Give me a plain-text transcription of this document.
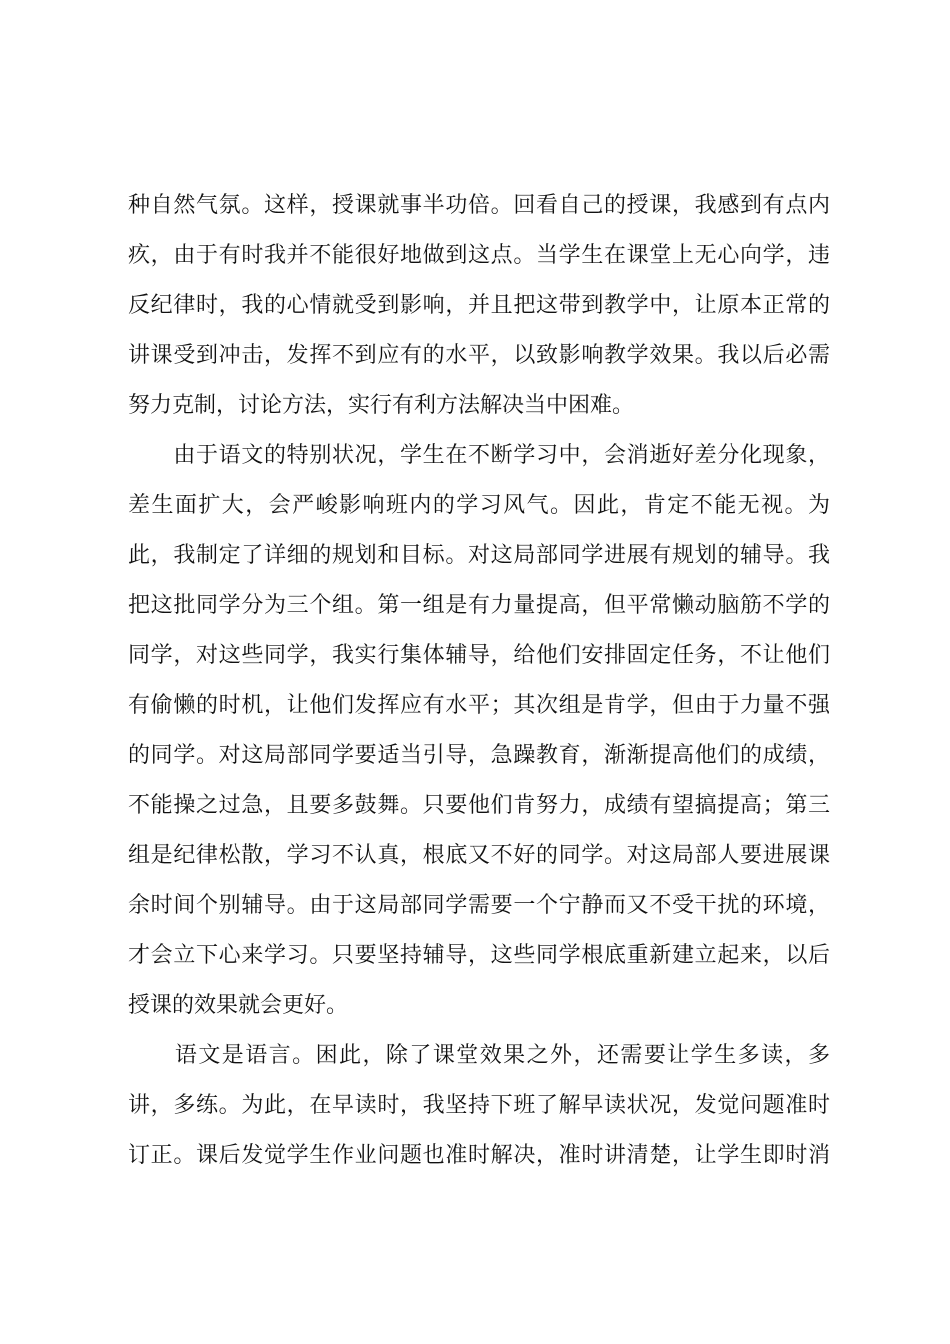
种自然气氛。这样，授课就事半功倍。回看自己的授课，我感到有点内
疚，由于有时我并不能很好地做到这点。当学生在课堂上无心向学，违
反纪律时，我的心情就受到影响，并且把这带到教学中，让原本正常的
讲课受到冲击，发挥不到应有的水平，以致影响教学效果。我以后必需
努力克制，讨论方法，实行有利方法解决当中困难。
　　由于语文的特别状况，学生在不断学习中，会消逝好差分化现象，
差生面扩大，会严峻影响班内的学习风气。因此，肯定不能无视。为
此，我制定了详细的规划和目标。对这局部同学进展有规划的辅导。我
把这批同学分为三个组。第一组是有力量提高，但平常懒动脑筋不学的
同学，对这些同学，我实行集体辅导，给他们安排固定任务，不让他们
有偷懒的时机，让他们发挥应有水平；其次组是肯学，但由于力量不强
的同学。对这局部同学要适当引导，急躁教育，渐渐提高他们的成绩，
不能操之过急，且要多鼓舞。只要他们肯努力，成绩有望搞提高；第三
组是纪律松散，学习不认真，根底又不好的同学。对这局部人要进展课
余时间个别辅导。由于这局部同学需要一个宁静而又不受干扰的环境，
才会立下心来学习。只要坚持辅导，这些同学根底重新建立起来，以后
授课的效果就会更好。
　　语文是语言。困此，除了课堂效果之外，还需要让学生多读，多
讲，多练。为此，在早读时，我坚持下班了解早读状况，发觉问题准时
订正。课后发觉学生作业问题也准时解决，准时讲清楚，让学生即时消
